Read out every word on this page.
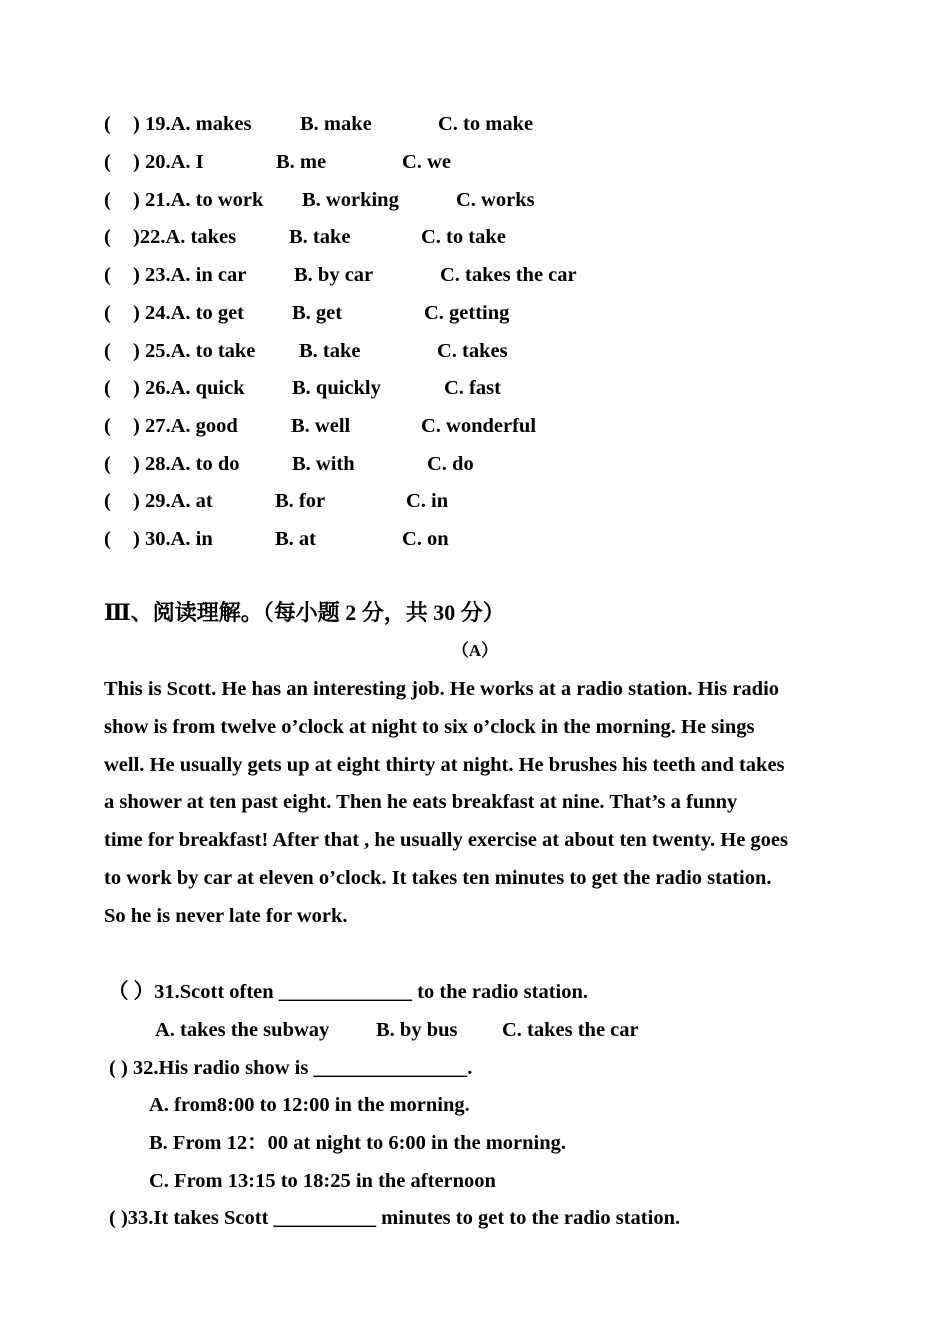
( ) 19.A. makes B. make	C. to make
( ) 20.A. I	B. me	C. we
( ) 21.A. to work B. working	C. works
( )22.A. takes	B. take	C. to take
( ) 23.A. in car B. by car	C. takes the car
( ) 24.A. to get B. get	C. getting
( ) 25.A. to take B. take	C. takes
( ) 26.A. quick B. quickly	C. fast
( ) 27.A. good	B. well	C. wonderful
( ) 28.A. to do	B. with	C. do
( ) 29.A. at	B. for	C. in
( ) 30.A. in	B. at	C. on
Ⅲ、阅读理解。（每小题 2 分，共 30 分）
（A）
This is Scott. He has an interesting job. He works at a radio station. His radio
show is from twelve o’clock at night to six o’clock in the morning. He sings
well. He usually gets up at eight thirty at night. He brushes his teeth and takes
a shower at ten past eight. Then he eats breakfast at nine. That’s a funny
time for breakfast! After that , he usually exercise at about ten twenty. He goes
to work by car at eleven o’clock. It takes ten minutes to get the radio station.
So he is never late for work.
（ ）31.Scott often _____________ to the radio station.
A. takes the subway B. by bus C. takes the car
( ) 32.His radio show is _______________.
A. from8:00 to 12:00 in the morning.
B. From 12：00 at night to 6:00 in the morning.
C. From 13:15 to 18:25 in the afternoon
( )33.It takes Scott __________ minutes to get to the radio station.
